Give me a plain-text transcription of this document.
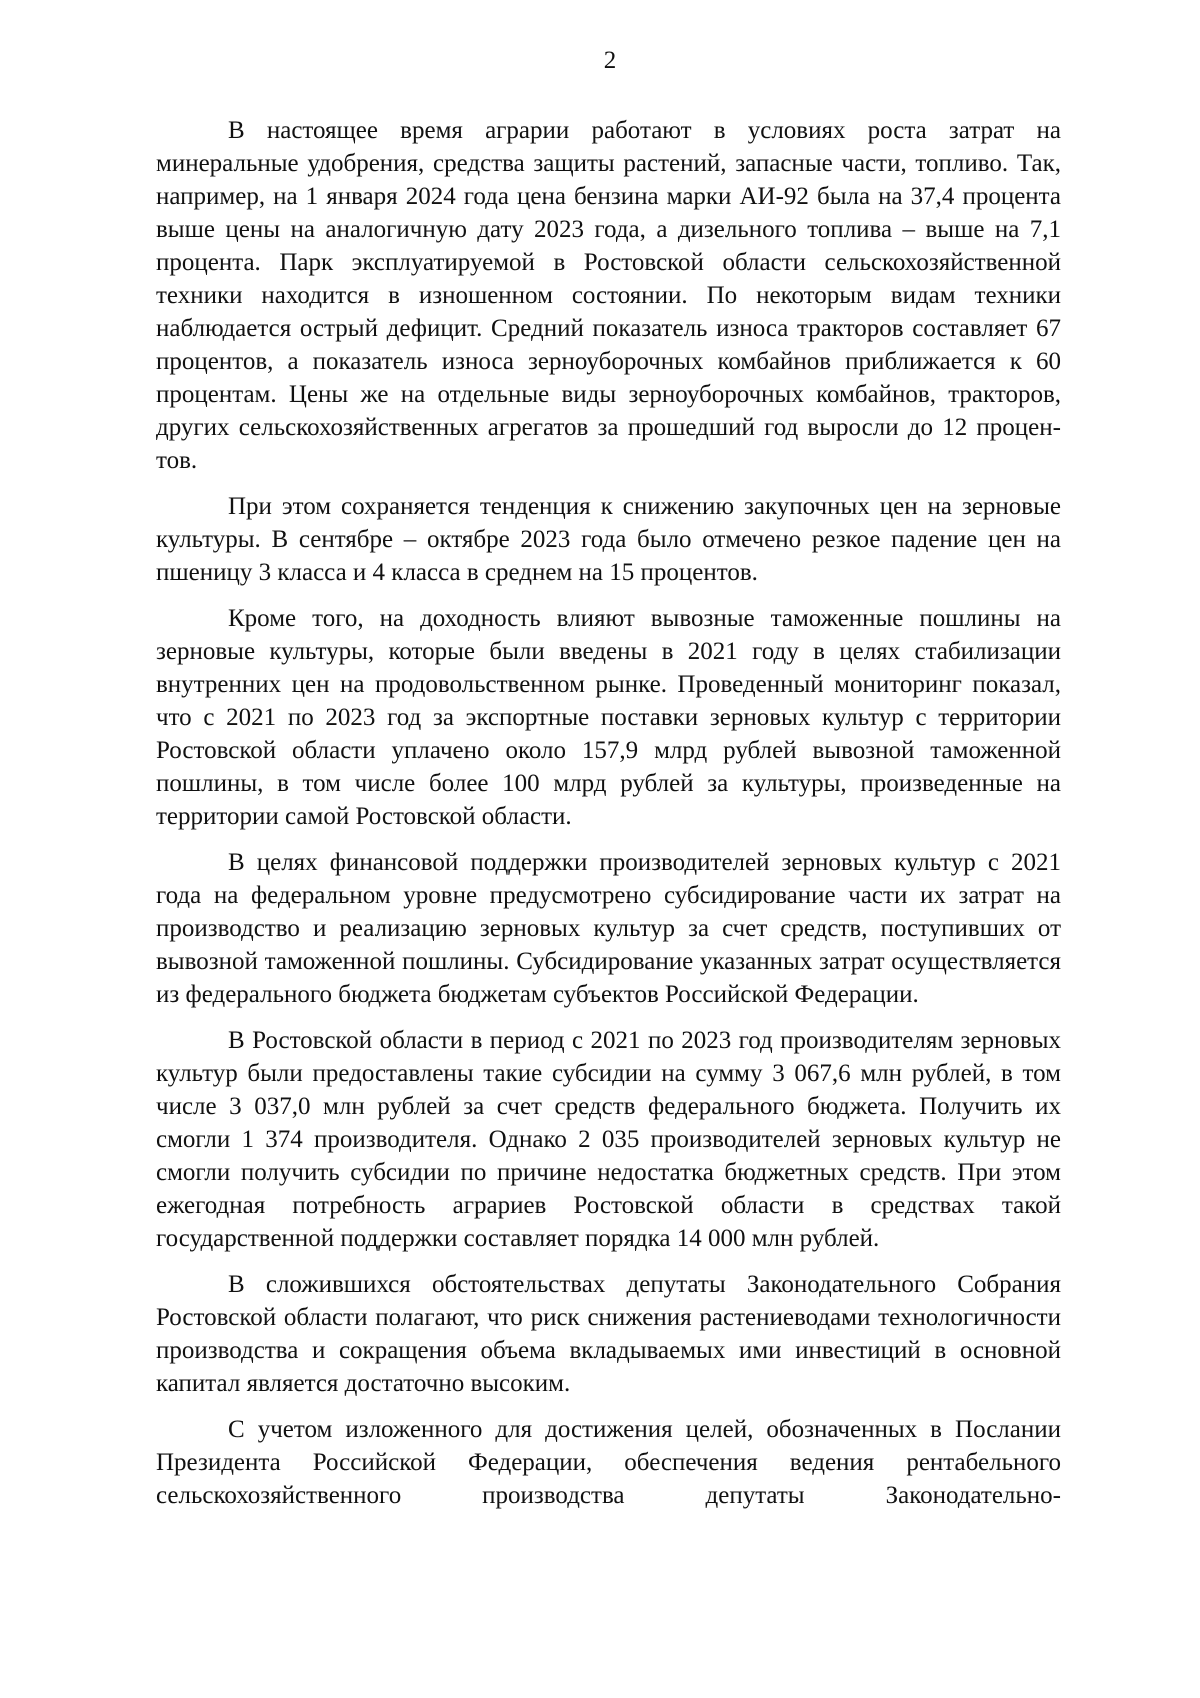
2

В настоящее время аграрии работают в условиях роста затрат на минеральные удобрения, средства защиты растений, запасные части, топливо. Так, например, на 1 января 2024 года цена бензина марки АИ-92 была на 37,4 процента выше цены на аналогичную дату 2023 года, а дизельного топлива – выше на 7,1 процента. Парк эксплуатируемой в Ростовской области сельскохозяйственной техники находится в изношенном состоянии. По некоторым видам техники наблюдается острый дефицит. Средний показатель износа тракторов составляет 67 процентов, а показатель износа зерноуборочных комбайнов приближается к 60 процентам. Цены же на отдельные виды зерноуборочных комбайнов, тракторов, других сельскохозяйственных агрегатов за прошедший год выросли до 12 процентов.

При этом сохраняется тенденция к снижению закупочных цен на зерновые культуры. В сентябре – октябре 2023 года было отмечено резкое падение цен на пшеницу 3 класса и 4 класса в среднем на 15 процентов.

Кроме того, на доходность влияют вывозные таможенные пошлины на зерновые культуры, которые были введены в 2021 году в целях стабилизации внутренних цен на продовольственном рынке. Проведенный мониторинг показал, что с 2021 по 2023 год за экспортные поставки зерновых культур с территории Ростовской области уплачено около 157,9 млрд рублей вывозной таможенной пошлины, в том числе более 100 млрд рублей за культуры, произведенные на территории самой Ростовской области.

В целях финансовой поддержки производителей зерновых культур с 2021 года на федеральном уровне предусмотрено субсидирование части их затрат на производство и реализацию зерновых культур за счет средств, поступивших от вывозной таможенной пошлины. Субсидирование указанных затрат осуществляется из федерального бюджета бюджетам субъектов Российской Федерации.

В Ростовской области в период с 2021 по 2023 год производителям зерновых культур были предоставлены такие субсидии на сумму 3 067,6 млн рублей, в том числе 3 037,0 млн рублей за счет средств федерального бюджета. Получить их смогли 1 374 производителя. Однако 2 035 производителей зерновых культур не смогли получить субсидии по причине недостатка бюджетных средств. При этом ежегодная потребность аграриев Ростовской области в средствах такой государственной поддержки составляет порядка 14 000 млн рублей.

В сложившихся обстоятельствах депутаты Законодательного Собрания Ростовской области полагают, что риск снижения растениеводами технологичности производства и сокращения объема вкладываемых ими инвестиций в основной капитал является достаточно высоким.

С учетом изложенного для достижения целей, обозначенных в Послании Президента Российской Федерации, обеспечения ведения рентабельного сельскохозяйственного производства депутаты Законодательно-
